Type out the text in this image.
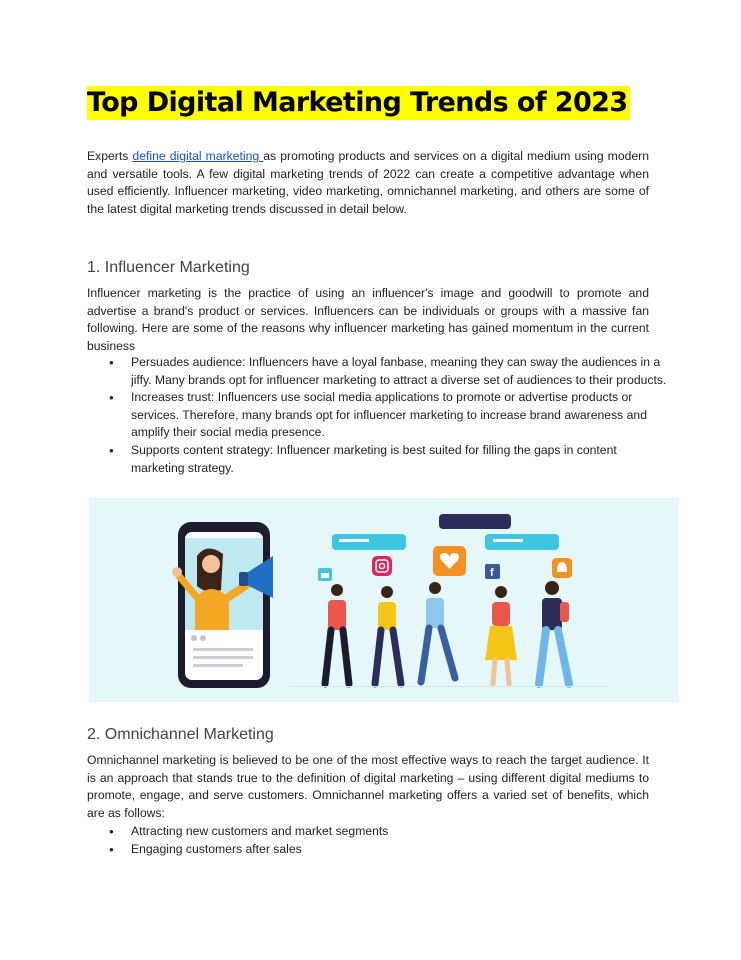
Top Digital Marketing Trends of 2023

Experts define digital marketing as promoting products and services on a digital medium using modern and versatile tools. A few digital marketing trends of 2022 can create a competitive advantage when used efficiently. Influencer marketing, video marketing, omnichannel marketing, and others are some of the latest digital marketing trends discussed in detail below.

1. Influencer Marketing

Influencer marketing is the practice of using an influencer's image and goodwill to promote and advertise a brand's product or services. Influencers can be individuals or groups with a massive fan following. Here are some of the reasons why influencer marketing has gained momentum in the current business

● Persuades audience: Influencers have a loyal fanbase, meaning they can sway the audiences in a jiffy. Many brands opt for influencer marketing to attract a diverse set of audiences to their products.
● Increases trust: Influencers use social media applications to promote or advertise products or services. Therefore, many brands opt for influencer marketing to increase brand awareness and amplify their social media presence.
● Supports content strategy: Influencer marketing is best suited for filling the gaps in content marketing strategy.
f
2. Omnichannel Marketing

Omnichannel marketing is believed to be one of the most effective ways to reach the target audience. It is an approach that stands true to the definition of digital marketing – using different digital mediums to promote, engage, and serve customers. Omnichannel marketing offers a varied set of benefits, which are as follows:

● Attracting new customers and market segments
● Engaging customers after sales
